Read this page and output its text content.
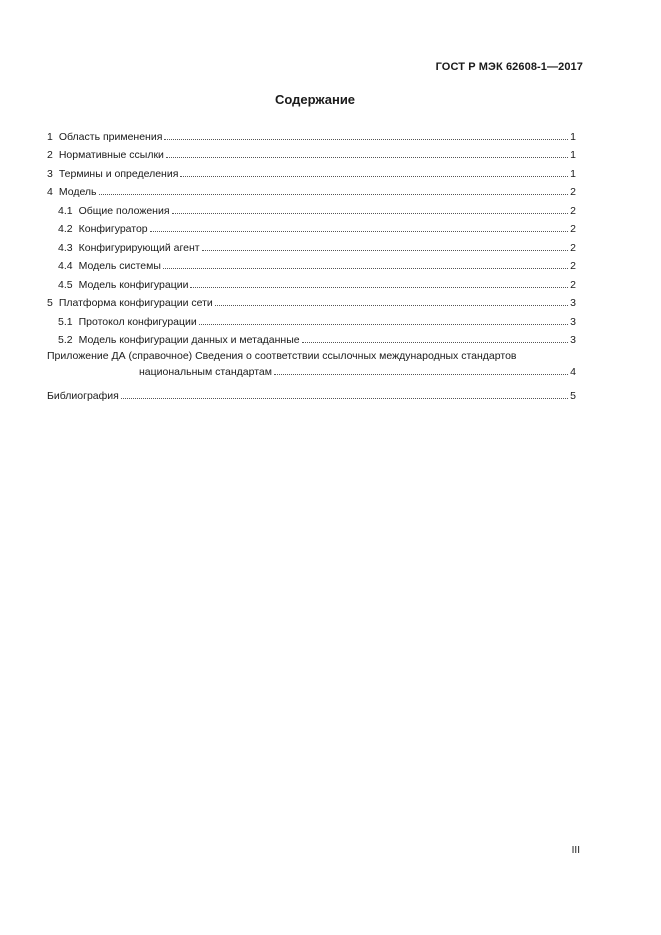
ГОСТ Р МЭК 62608-1—2017
Содержание
1 Область применения	1
2 Нормативные ссылки	1
3 Термины и определения	1
4 Модель	2
4.1 Общие положения	2
4.2 Конфигуратор	2
4.3 Конфигурирующий агент	2
4.4 Модель системы	2
4.5 Модель конфигурации	2
5 Платформа конфигурации сети	3
5.1 Протокол конфигурации	3
5.2 Модель конфигурации данных и метаданные	3
Приложение ДА (справочное) Сведения о соответствии ссылочных международных стандартов
национальным стандартам	4
Библиография	5
III
